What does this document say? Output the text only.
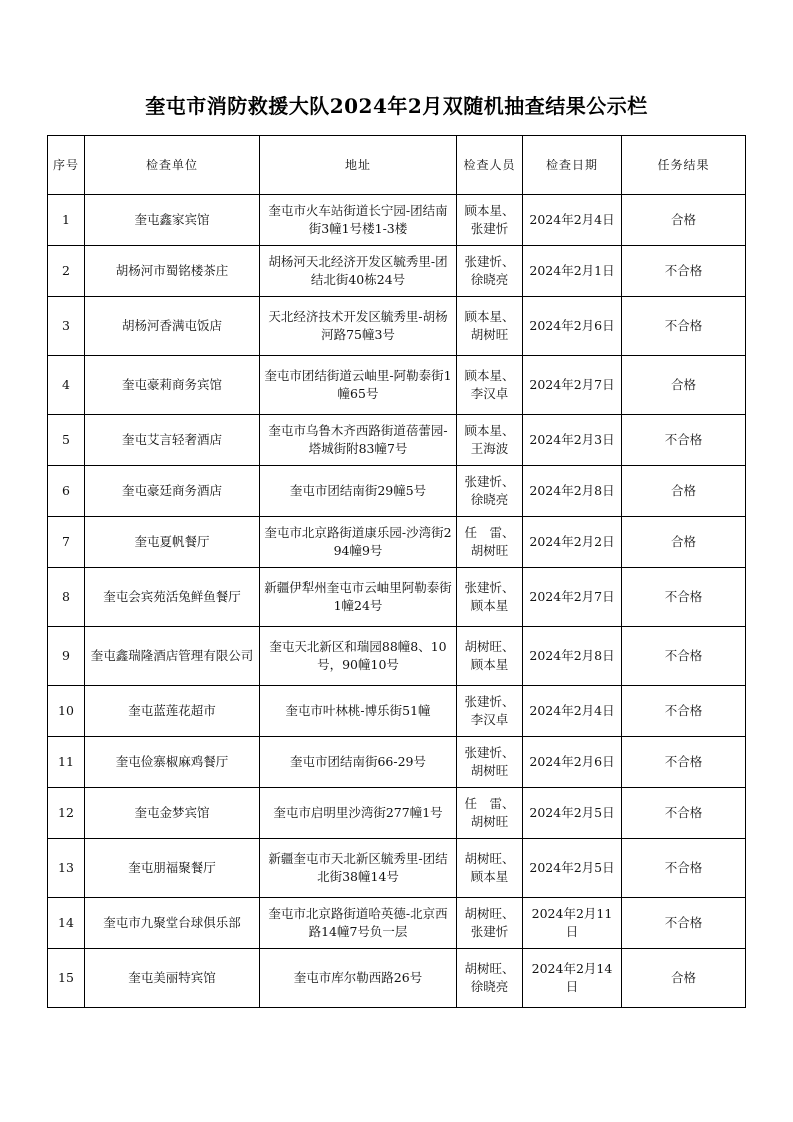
奎屯市消防救援大队2024年2月双随机抽查结果公示栏
序号	检查单位	地址	检查人员	检查日期	任务结果
1	奎屯鑫家宾馆	奎屯市火车站街道长宁园-团结南街3幢1号楼1-3楼	顾本星、张建忻	2024年2月4日	合格
2	胡杨河市蜀铭楼茶庄	胡杨河天北经济开发区毓秀里-团结北街40栋24号	张建忻、徐晓亮	2024年2月1日	不合格
3	胡杨河香满屯饭店	天北经济技术开发区毓秀里-胡杨河路75幢3号	顾本星、胡树旺	2024年2月6日	不合格
4	奎屯豪莉商务宾馆	奎屯市团结街道云岫里-阿勒泰街1幢65号	顾本星、李汉卓	2024年2月7日	合格
5	奎屯艾言轻奢酒店	奎屯市乌鲁木齐西路街道蓓蕾园-塔城街附83幢7号	顾本星、王海波	2024年2月3日	不合格
6	奎屯豪廷商务酒店	奎屯市团结南街29幢5号	张建忻、徐晓亮	2024年2月8日	合格
7	奎屯夏帆餐厅	奎屯市北京路街道康乐园-沙湾街294幢9号	任　雷、胡树旺	2024年2月2日	合格
8	奎屯会宾苑活兔鲜鱼餐厅	新疆伊犁州奎屯市云岫里阿勒泰街1幢24号	张建忻、顾本星	2024年2月7日	不合格
9	奎屯鑫瑞隆酒店管理有限公司	奎屯天北新区和瑞园88幢8、10号，90幢10号	胡树旺、顾本星	2024年2月8日	不合格
10	奎屯蓝莲花超市	奎屯市叶林桃-博乐街51幢	张建忻、李汉卓	2024年2月4日	不合格
11	奎屯俭寨椒麻鸡餐厅	奎屯市团结南街66-29号	张建忻、胡树旺	2024年2月6日	不合格
12	奎屯金梦宾馆	奎屯市启明里沙湾街277幢1号	任　雷、胡树旺	2024年2月5日	不合格
13	奎屯朋福聚餐厅	新疆奎屯市天北新区毓秀里-团结北街38幢14号	胡树旺、顾本星	2024年2月5日	不合格
14	奎屯市九聚堂台球俱乐部	奎屯市北京路街道哈英德-北京西路14幢7号负一层	胡树旺、张建忻	2024年2月11日	不合格
15	奎屯美丽特宾馆	奎屯市库尔勒西路26号	胡树旺、徐晓亮	2024年2月14日	合格
